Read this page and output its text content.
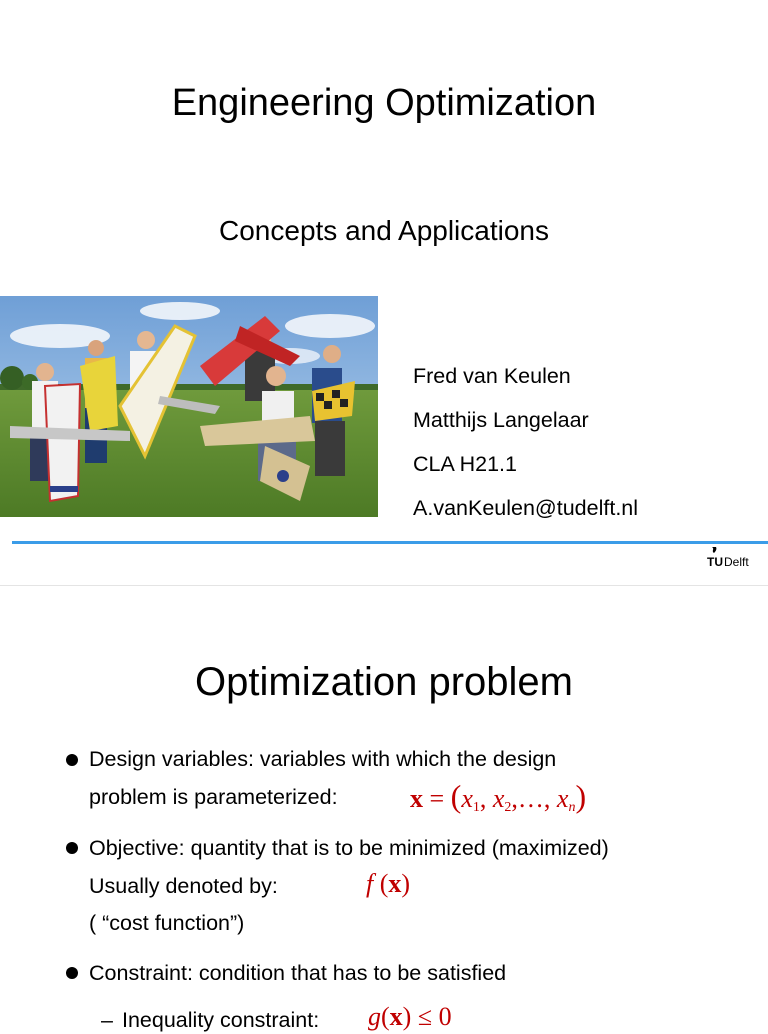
Engineering Optimization
Concepts and Applications
Fred van Keulen
Matthijs Langelaar
CLA H21.1
A.vanKeulen@tudelft.nl
TU Delft
Optimization problem
Design variables: variables with which the design
problem is parameterized:	$x = (x_1$, $x_2,\dots$, $x_n$)
Objective: quantity that is to be minimized (maximized)
Usually denoted by:	f (x)
( “cost function”)
Constraint: condition that has to be satisfied
– Inequality constraint: g(x) ≤ 0
